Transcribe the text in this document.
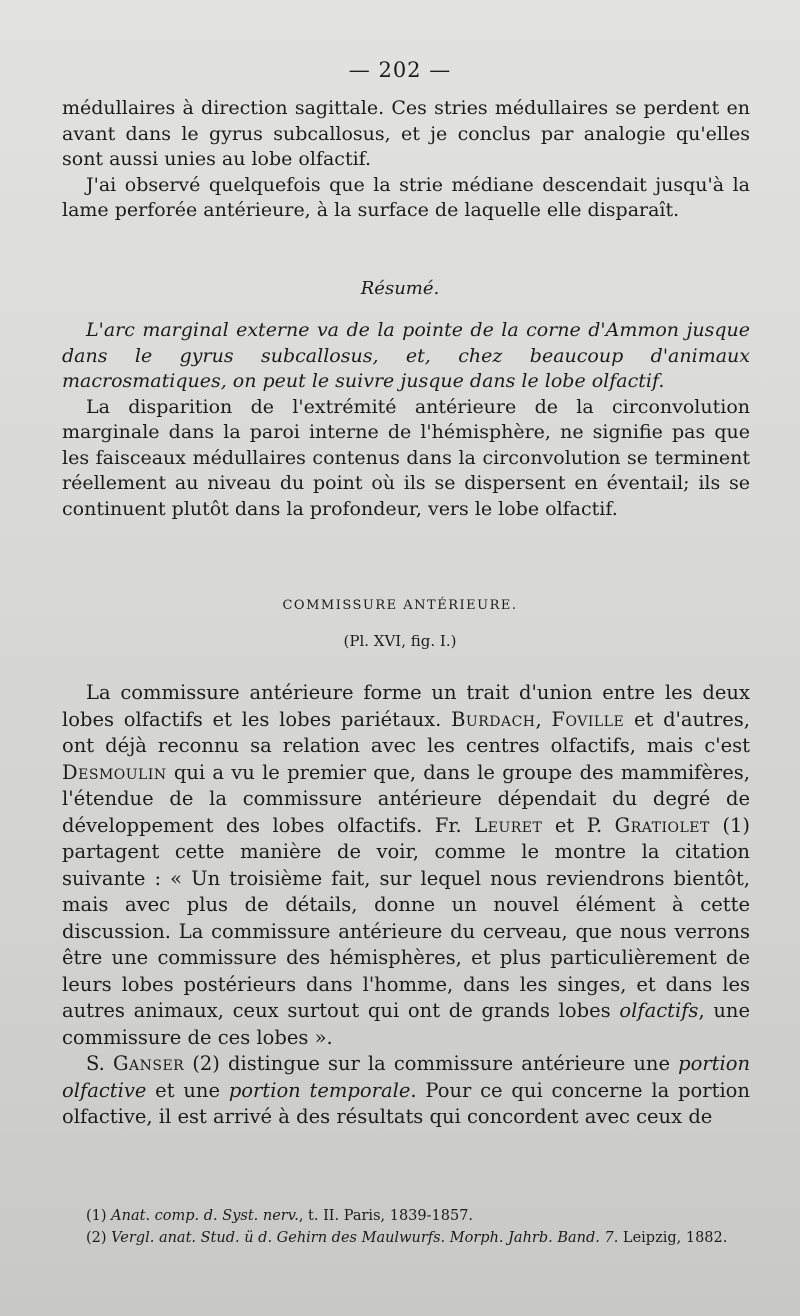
— 202 —

médullaires à direction sagittale. Ces stries médullaires se perdent en avant dans le gyrus subcallosus, et je conclus par analogie qu'elles sont aussi unies au lobe olfactif.

J'ai observé quelquefois que la strie médiane descendait jusqu'à la lame perforée antérieure, à la surface de laquelle elle disparaît.

Résumé.

L'arc marginal externe va de la pointe de la corne d'Ammon jusque dans le gyrus subcallosus, et, chez beaucoup d'animaux macrosmatiques, on peut le suivre jusque dans le lobe olfactif.

La disparition de l'extrémité antérieure de la circonvolution marginale dans la paroi interne de l'hémisphère, ne signifie pas que les faisceaux médullaires contenus dans la circonvolution se terminent réellement au niveau du point où ils se dispersent en éventail; ils se continuent plutôt dans la profondeur, vers le lobe olfactif.

COMMISSURE ANTÉRIEURE.
(Pl. XVI, fig. I.)

La commissure antérieure forme un trait d'union entre les deux lobes olfactifs et les lobes pariétaux. Burdach, Foville et d'autres, ont déjà reconnu sa relation avec les centres olfactifs, mais c'est Desmoulin qui a vu le premier que, dans le groupe des mammifères, l'étendue de la commissure antérieure dépendait du degré de développement des lobes olfactifs. Fr. Leuret et P. Gratiolet (1) partagent cette manière de voir, comme le montre la citation suivante : « Un troisième fait, sur lequel nous reviendrons bientôt, mais avec plus de détails, donne un nouvel élément à cette discussion. La commissure antérieure du cerveau, que nous verrons être une commissure des hémisphères, et plus particulièrement de leurs lobes postérieurs dans l'homme, dans les singes, et dans les autres animaux, ceux surtout qui ont de grands lobes olfactifs, une commissure de ces lobes ».

S. Ganser (2) distingue sur la commissure antérieure une portion olfactive et une portion temporale. Pour ce qui concerne la portion olfactive, il est arrivé à des résultats qui concordent avec ceux de

(1) Anat. comp. d. Syst. nerv., t. II. Paris, 1839-1857.

(2) Vergl. anat. Stud. ü d. Gehirn des Maulwurfs. Morph. Jahrb. Band. 7. Leipzig, 1882.
